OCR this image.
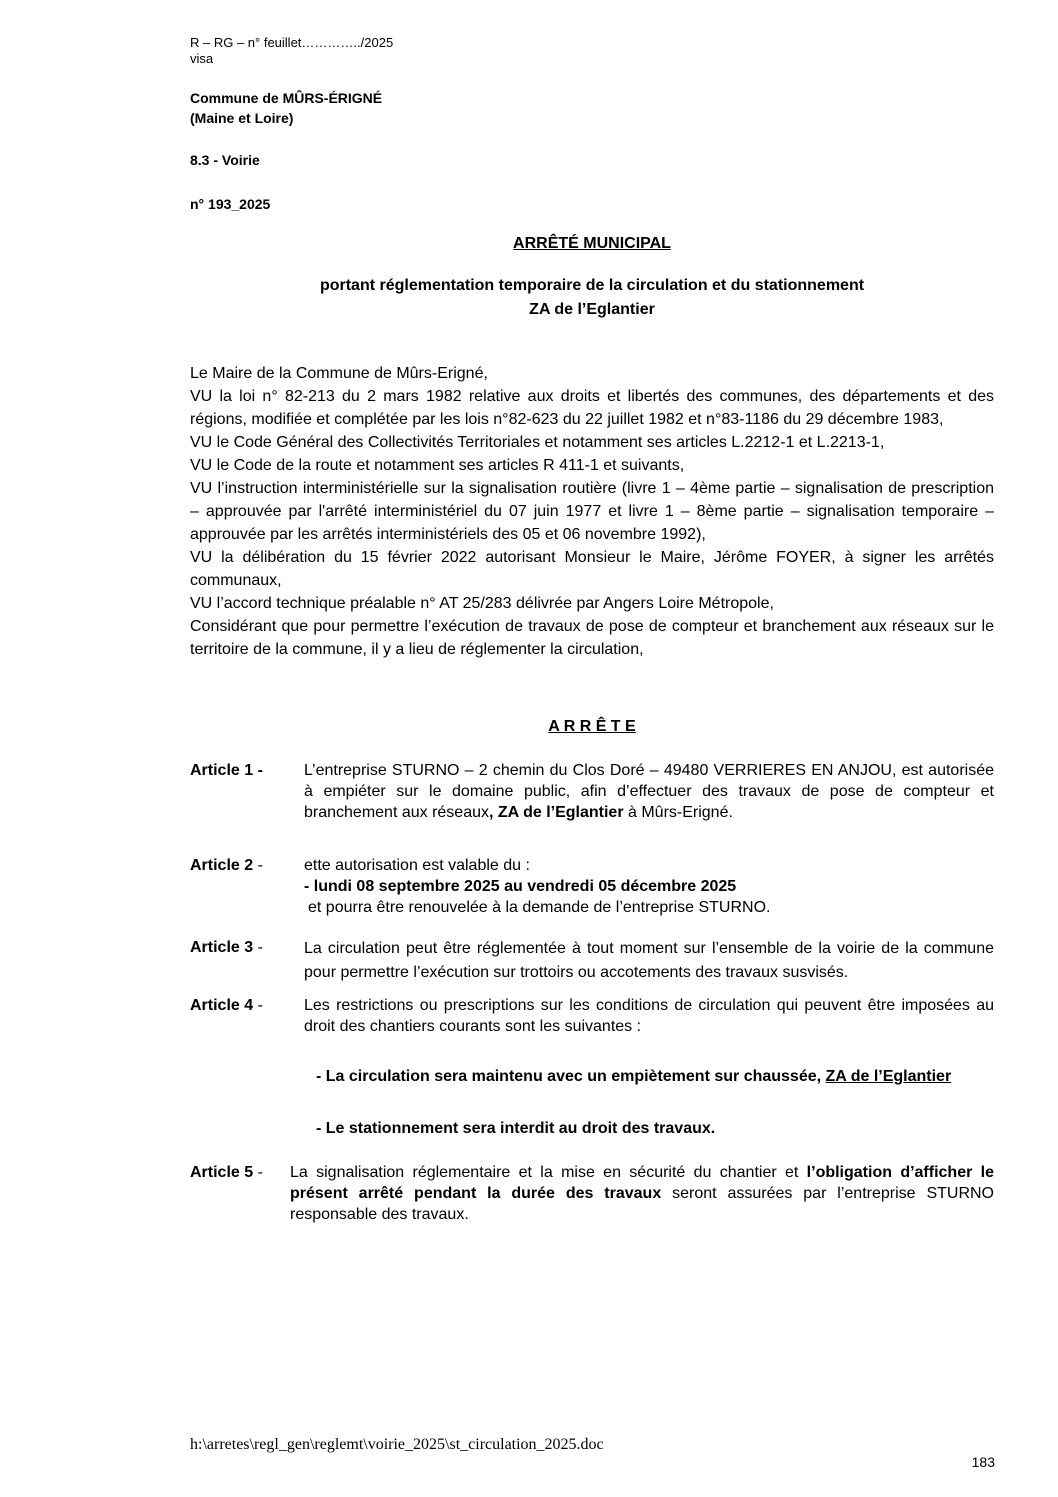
R – RG – n° feuillet…………../2025
visa
Commune de MÛRS-ÉRIGNÉ
(Maine et Loire)
8.3 - Voirie
n° 193_2025
ARRÊTÉ MUNICIPAL
portant réglementation temporaire de la circulation et du stationnement
ZA de l’Eglantier

Le Maire de la Commune de Mûrs-Erigné,

VU la loi n° 82-213 du 2 mars 1982 relative aux droits et libertés des communes, des départements et des régions, modifiée et complétée par les lois n°82-623 du 22 juillet 1982 et n°83-1186 du 29 décembre 1983,

VU le Code Général des Collectivités Territoriales et notamment ses articles L.2212-1 et L.2213-1,

VU le Code de la route et notamment ses articles R 411-1 et suivants,

VU l’instruction interministérielle sur la signalisation routière (livre 1 – 4ème partie – signalisation de prescription – approuvée par l'arrêté interministériel du 07 juin 1977 et livre 1 – 8ème partie – signalisation temporaire – approuvée par les arrêtés interministériels des 05 et 06 novembre 1992),

VU la délibération du 15 février 2022 autorisant Monsieur le Maire, Jérôme FOYER, à signer les arrêtés communaux,

VU l’accord technique préalable n° AT 25/283 délivrée par Angers Loire Métropole,

Considérant que pour permettre l’exécution de travaux de pose de compteur et branchement aux réseaux sur le territoire de la commune, il y a lieu de réglementer la circulation,

A R R Ê T E
Article 1 -	L’entreprise STURNO – 2 chemin du Clos Doré – 49480 VERRIERES EN ANJOU, est autorisée à empiéter sur le domaine public, afin d’effectuer des travaux de pose de compteur et branchement aux réseaux, ZA de l’Eglantier à Mûrs-Erigné.

Article 2 -	ette autorisation est valable du :

- lundi 08 septembre 2025 au vendredi 05 décembre 2025

et pourra être renouvelée à la demande de l’entreprise STURNO.

Article 3 -	La circulation peut être réglementée à tout moment sur l’ensemble de la voirie de la commune pour permettre l’exécution sur trottoirs ou accotements des travaux susvisés.

Article 4 -	Les restrictions ou prescriptions sur les conditions de circulation qui peuvent être imposées au droit des chantiers courants sont les suivantes :

- La circulation sera maintenu avec un empiètement sur chaussée, ZA de l’Eglantier

- Le stationnement sera interdit au droit des travaux.

Article 5 -	La signalisation réglementaire et la mise en sécurité du chantier et l’obligation d’afficher le présent arrêté pendant la durée des travaux seront assurées par l’entreprise STURNO responsable des travaux.

h:\arretes\regl_gen\reglemt\voirie_2025\st_circulation_2025.doc
183
